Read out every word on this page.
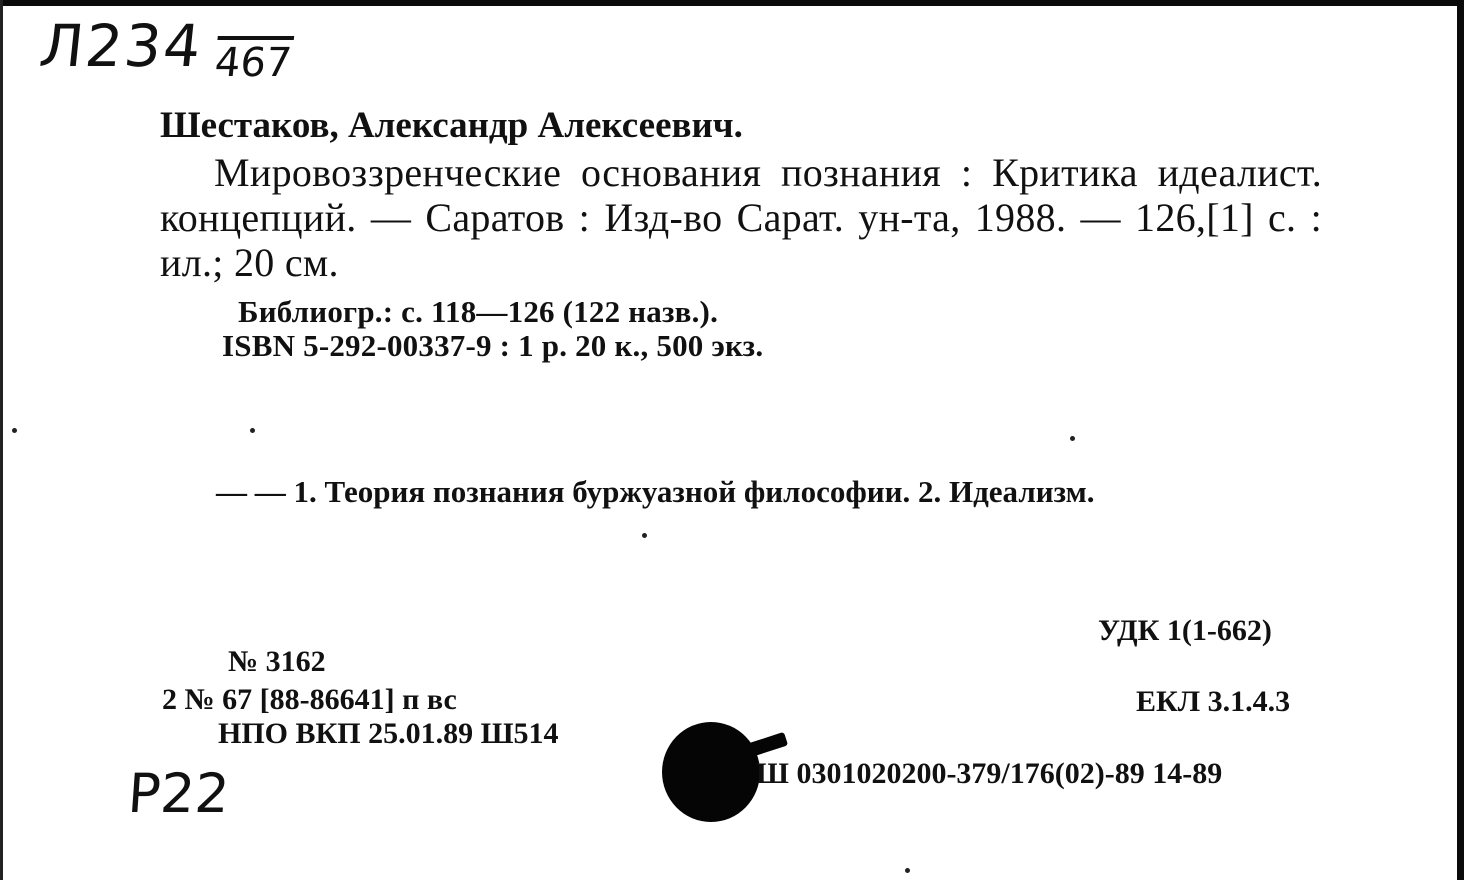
Л234 467
Шестаков, Александр Алексеевич.
Мировоззренческие основания познания : Критика идеалист. концепций. — Саратов : Изд-во Сарат. ун-та, 1988. — 126,[1] с. : ил.; 20 см.
Библиогр.: с. 118—126 (122 назв.).
ISBN 5-292-00337-9 : 1 р. 20 к., 500 экз.
— — 1. Теория познания буржуазной философии. 2. Идеализм.
УДК 1(1-662)
№ 3162
2 № 67 [88-86641] п вс
НПО ВКП 25.01.89 Ш514
ЕКЛ 3.1.4.3
Ш 0301020200-379/176(02)-89 14-89
Р22
